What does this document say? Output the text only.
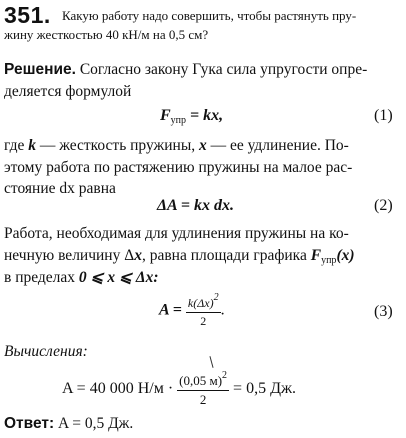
351. Какую работу надо совершить, чтобы растянуть пру-
жину жесткостью 40 кН/м на 0,5 см?
Решение. Согласно закону Гука сила упругости опре-
деляется формулой
$F_{упр}$ = kx,	(1)
где k — жесткость пружины, x — ее удлинение. По-
этому работа по растяжению пружины на малое рас-
стояние dx равна
ΔA = kx dx.	(2)
Работа, необходимая для удлинения пружины на ко-
нечную величину Δx, равна площади графика $F_{упр}(x)$
в пределах 0 ⩽ x ⩽ Δx:
$A = \frac{k(\Delta x)^2}{2}$ .	(3)
Вычисления:
A = 40 000 $Н/м \cdot \frac{(0,05 м)^2}{2} = 0,5$ Дж.
Ответ: A = 0,5 Дж.
